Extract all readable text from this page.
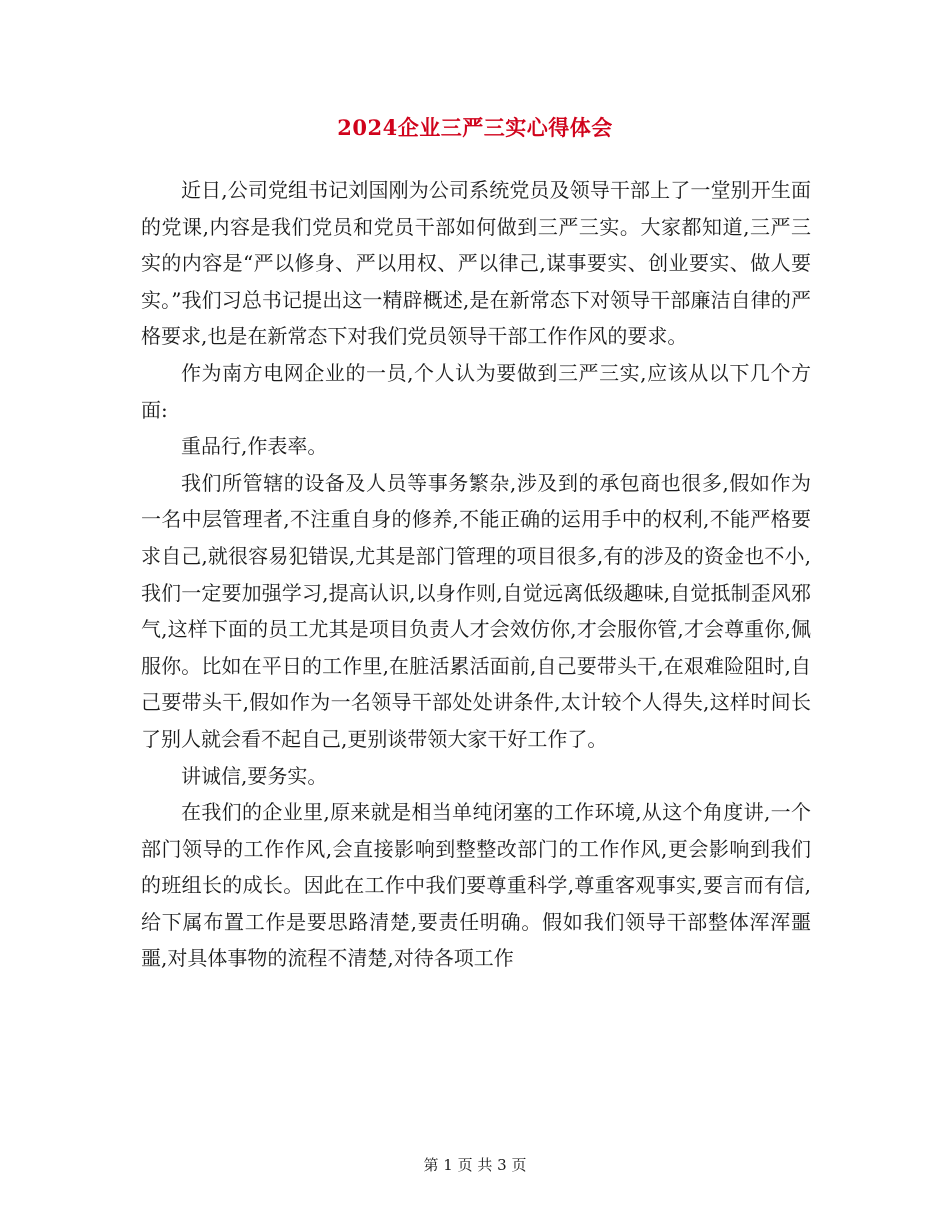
2024企业三严三实心得体会

近日,公司党组书记刘国刚为公司系统党员及领导干部上了一堂别开生面的党课,内容是我们党员和党员干部如何做到三严三实。大家都知道,三严三实的内容是“严以修身、严以用权、严以律己,谋事要实、创业要实、做人要实。”我们习总书记提出这一精辟概述,是在新常态下对领导干部廉洁自律的严格要求,也是在新常态下对我们党员领导干部工作作风的要求。

作为南方电网企业的一员,个人认为要做到三严三实,应该从以下几个方面:

重品行,作表率。

我们所管辖的设备及人员等事务繁杂,涉及到的承包商也很多,假如作为一名中层管理者,不注重自身的修养,不能正确的运用手中的权利,不能严格要求自己,就很容易犯错误,尤其是部门管理的项目很多,有的涉及的资金也不小,我们一定要加强学习,提高认识,以身作则,自觉远离低级趣味,自觉抵制歪风邪气,这样下面的员工尤其是项目负责人才会效仿你,才会服你管,才会尊重你,佩服你。比如在平日的工作里,在脏活累活面前,自己要带头干,在艰难险阻时,自己要带头干,假如作为一名领导干部处处讲条件,太计较个人得失,这样时间长了别人就会看不起自己,更别谈带领大家干好工作了。

讲诚信,要务实。

在我们的企业里,原来就是相当单纯闭塞的工作环境,从这个角度讲,一个部门领导的工作作风,会直接影响到整整改部门的工作作风,更会影响到我们的班组长的成长。因此在工作中我们要尊重科学,尊重客观事实,要言而有信,给下属布置工作是要思路清楚,要责任明确。假如我们领导干部整体浑浑噩噩,对具体事物的流程不清楚,对待各项工作

第 1 页 共 3 页
